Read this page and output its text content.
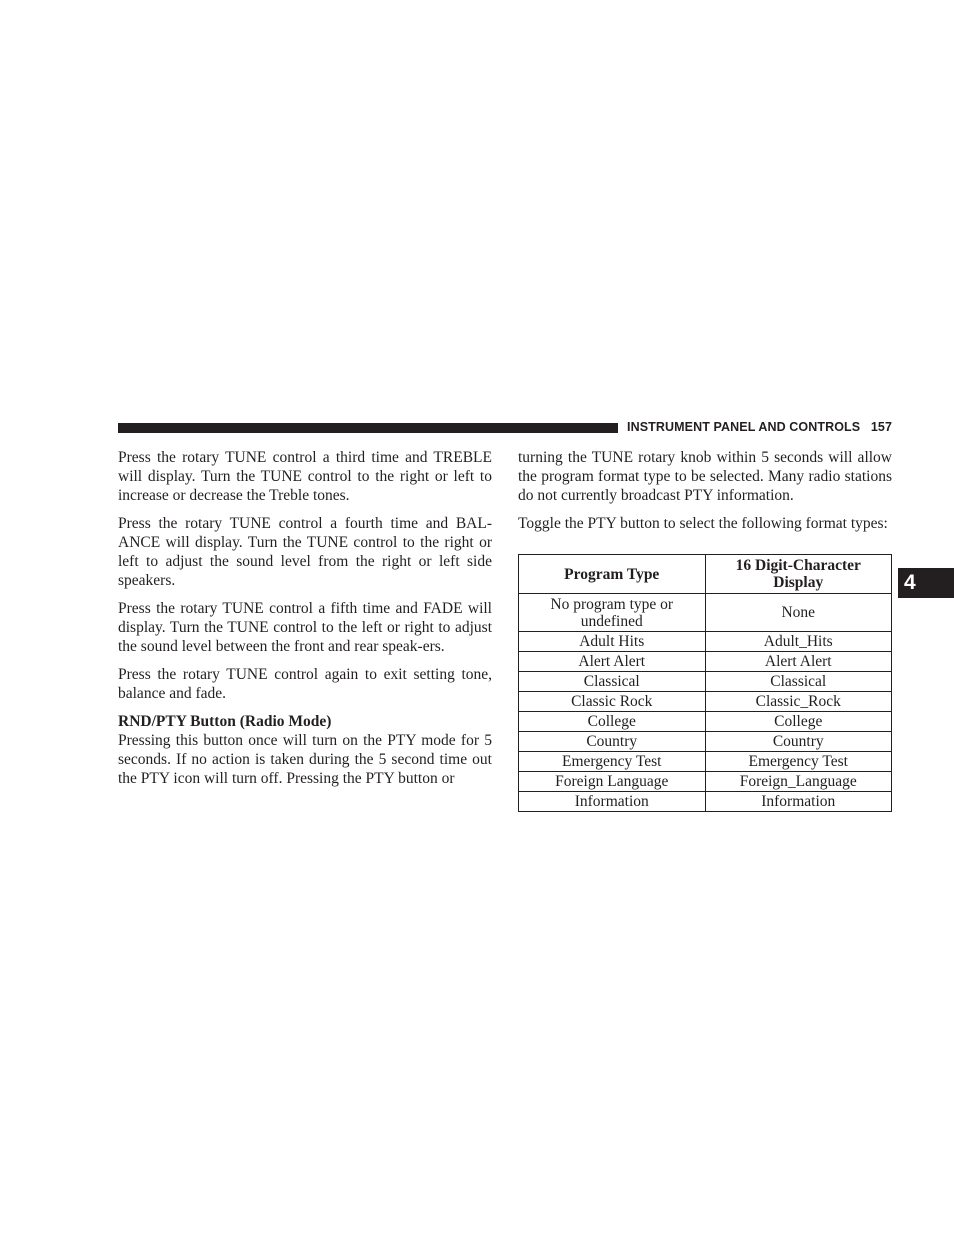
INSTRUMENT PANEL AND CONTROLS 157
4

Press the rotary TUNE control a third time and TREBLE will display. Turn the TUNE control to the right or left to increase or decrease the Treble tones.

Press the rotary TUNE control a fourth time and BAL-ANCE will display. Turn the TUNE control to the right or left to adjust the sound level from the right or left side speakers.

Press the rotary TUNE control a fifth time and FADE will display. Turn the TUNE control to the left or right to adjust the sound level between the front and rear speak-ers.

Press the rotary TUNE control again to exit setting tone, balance and fade.

RND/PTY Button (Radio Mode)

Pressing this button once will turn on the PTY mode for 5 seconds. If no action is taken during the 5 second time out the PTY icon will turn off. Pressing the PTY button or

turning the TUNE rotary knob within 5 seconds will allow the program format type to be selected. Many radio stations do not currently broadcast PTY information.

Toggle the PTY button to select the following format types:

Program Type	16 Digit-Character Display
No program type or undefined	None
Adult Hits	Adult_Hits
Alert Alert	Alert Alert
Classical	Classical
Classic Rock	Classic_Rock
College	College
Country	Country
Emergency Test	Emergency Test
Foreign Language	Foreign_Language
Information	Information
